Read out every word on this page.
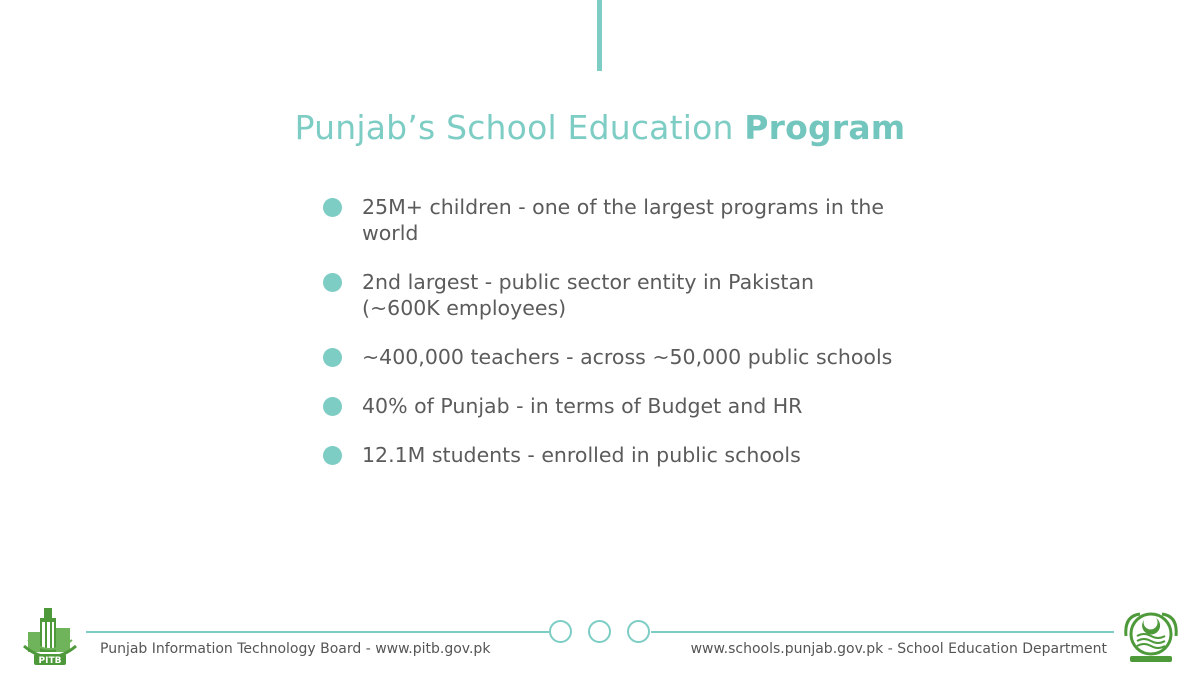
Punjab’s School Education Program
25M+ children - one of the largest programs in the world
2nd largest - public sector entity in Pakistan (~600K employees)
~400,000 teachers - across ~50,000 public schools
40% of Punjab - in terms of Budget and HR
12.1M students - enrolled in public schools
PITB
Punjab Information Technology Board - www.pitb.gov.pk	www.schools.punjab.gov.pk - School Education Department
